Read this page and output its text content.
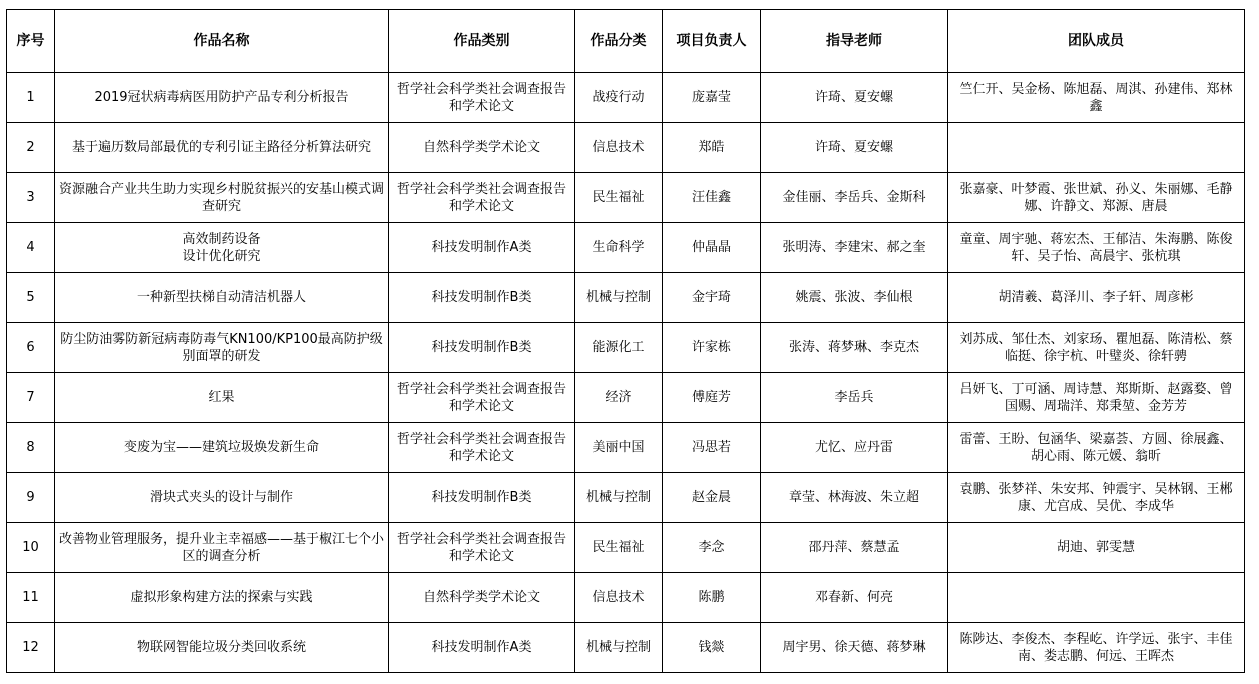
序号	作品名称	作品类别	作品分类	项目负责人	指导老师	团队成员
1	2019冠状病毒病医用防护产品专利分析报告	哲学社会科学类社会调查报告和学术论文	战疫行动	庞嘉莹	许琦、夏安螺	竺仁开、吴金杨、陈旭磊、周淇、孙建伟、郑林鑫
2	基于遍历数局部最优的专利引证主路径分析算法研究	自然科学类学术论文	信息技术	郑皓	许琦、夏安螺	
3	资源融合产业共生助力实现乡村脱贫振兴的安基山模式调查研究	哲学社会科学类社会调查报告和学术论文	民生福祉	汪佳鑫	金佳丽、李岳兵、金斯科	张嘉豪、叶梦霞、张世斌、孙义、朱丽娜、毛静娜、许静文、郑源、唐晨
4	高效制药设备
设计优化研究	科技发明制作A类	生命科学	仲晶晶	张明涛、李建宋、郝之奎	童童、周宇驰、蒋宏杰、王郁洁、朱海鹏、陈俊轩、吴子怡、高晨宇、张杭琪
5	一种新型扶梯自动清洁机器人	科技发明制作B类	机械与控制	金宇琦	姚震、张波、李仙根	胡清羲、葛泽川、李子轩、周彦彬
6	防尘防油雾防新冠病毒防毒气KN100/KP100最高防护级别面罩的研发	科技发明制作B类	能源化工	许家栋	张涛、蒋梦琳、李克杰	刘苏成、邹仕杰、刘家玚、瞿旭磊、陈清松、蔡临挺、徐宇杭、叶璧炎、徐轩骋
7	红果	哲学社会科学类社会调查报告和学术论文	经济	傅庭芳	李岳兵	吕妍飞、丁可涵、周诗慧、郑斯斯、赵露婺、曾国赐、周瑞洋、郑秉堃、金芳芳
8	变废为宝——建筑垃圾焕发新生命	哲学社会科学类社会调查报告和学术论文	美丽中国	冯思若	尤忆、应丹雷	雷蕾、王盼、包涵华、梁嘉荟、方圆、徐展鑫、胡心雨、陈元媛、翁昕
9	滑块式夹头的设计与制作	科技发明制作B类	机械与控制	赵金晨	章莹、林海波、朱立超	袁鹏、张梦祥、朱安邦、钟震宇、吴林钢、王郴康、尤宫成、吴优、李成华
10	改善物业管理服务，提升业主幸福感——基于椒江七个小区的调查分析	哲学社会科学类社会调查报告和学术论文	民生福祉	李念	邵丹萍、蔡慧孟	胡迪、郭雯慧
11	虚拟形象构建方法的探索与实践	自然科学类学术论文	信息技术	陈鹏	邓春新、何亮	
12	物联网智能垃圾分类回收系统	科技发明制作A类	机械与控制	钱燚	周宇男、徐天德、蒋梦琳	陈陟达、李俊杰、李程屹、许学远、张宇、丰佳南、娄志鹏、何远、王晖杰
